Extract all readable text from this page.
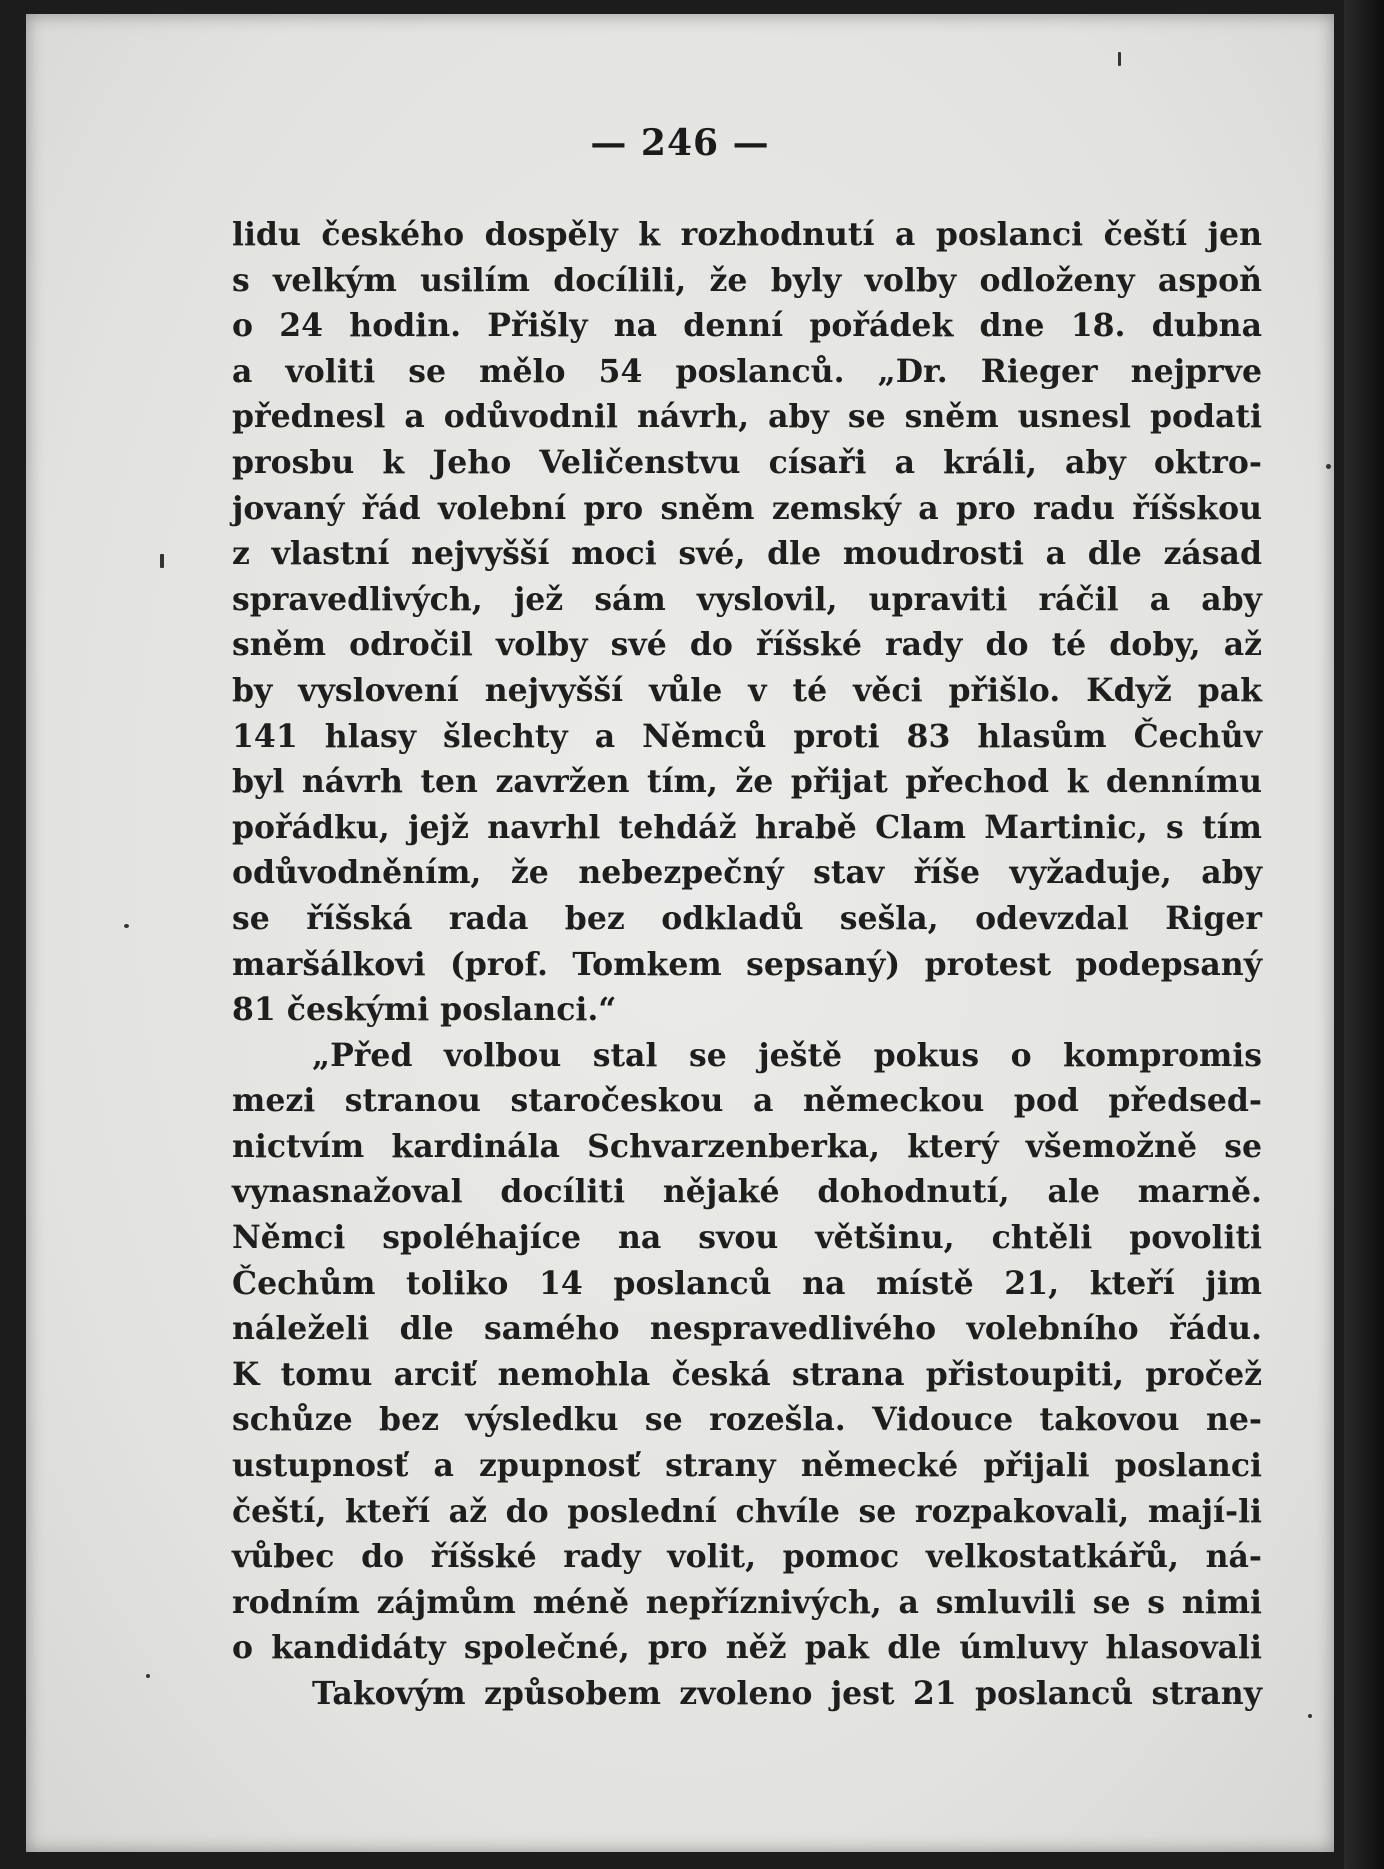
— 246 —
lidu českého dospěly k rozhodnutí a poslanci čeští jen
s velkým usilím docílili, že byly volby odloženy aspoň
o 24 hodin. Přišly na denní pořádek dne 18. dubna
a voliti se mělo 54 poslanců. „Dr. Rieger nejprve
přednesl a odůvodnil návrh, aby se sněm usnesl podati
prosbu k Jeho Veličenstvu císaři a králi, aby oktro-
jovaný řád volební pro sněm zemský a pro radu říšskou
z vlastní nejvyšší moci své, dle moudrosti a dle zásad
spravedlivých, jež sám vyslovil, upraviti ráčil a aby
sněm odročil volby své do říšské rady do té doby, až
by vyslovení nejvyšší vůle v té věci přišlo. Když pak
141 hlasy šlechty a Němců proti 83 hlasům Čechův
byl návrh ten zavržen tím, že přijat přechod k dennímu
pořádku, jejž navrhl tehdáž hrabě Clam Martinic, s tím
odůvodněním, že nebezpečný stav říše vyžaduje, aby
se říšská rada bez odkladů sešla, odevzdal Riger
maršálkovi (prof. Tomkem sepsaný) protest podepsaný
81 českými poslanci.“
„Před volbou stal se ještě pokus o kompromis
mezi stranou staročeskou a německou pod předsed-
nictvím kardinála Schvarzenberka, který všemožně se
vynasnažoval docíliti nějaké dohodnutí, ale marně.
Němci spoléhajíce na svou většinu, chtěli povoliti
Čechům toliko 14 poslanců na místě 21, kteří jim
náleželi dle samého nespravedlivého volebního řádu.
K tomu arciť nemohla česká strana přistoupiti, pročež
schůze bez výsledku se rozešla. Vidouce takovou ne-
ustupnosť a zpupnosť strany německé přijali poslanci
čeští, kteří až do poslední chvíle se rozpakovali, mají-li
vůbec do říšské rady volit, pomoc velkostatkářů, ná-
rodním zájmům méně nepříznivých, a smluvili se s nimi
o kandidáty společné, pro něž pak dle úmluvy hlasovali
Takovým způsobem zvoleno jest 21 poslanců strany
